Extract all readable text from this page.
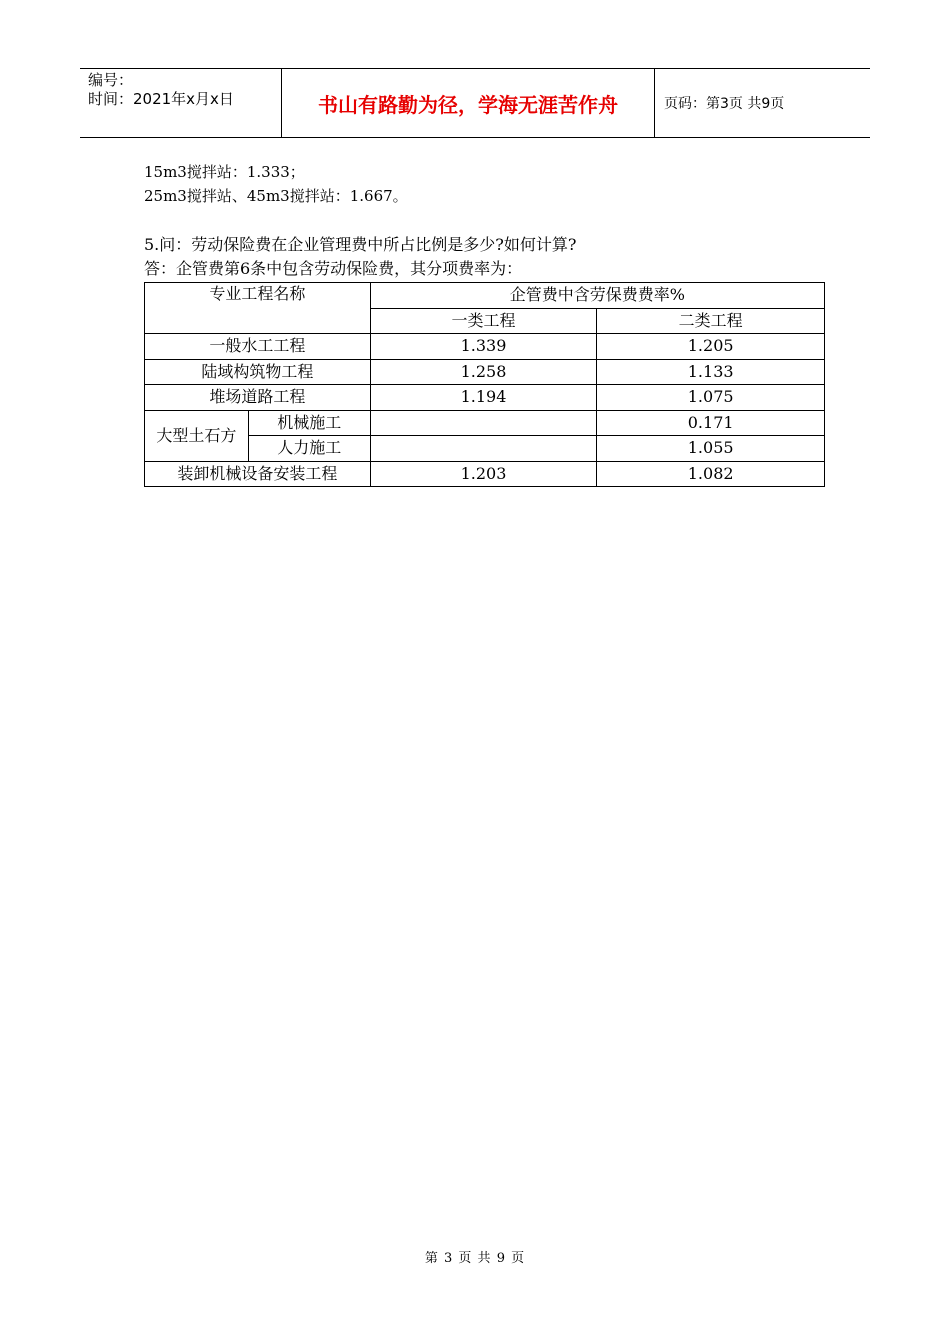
编号：
时间：2021年x月x日	书山有路勤为径，学海无涯苦作舟	页码：第3页 共9页
15m3搅拌站：1.333；
25m3搅拌站、45m3搅拌站：1.667。
5.问：劳动保险费在企业管理费中所占比例是多少?如何计算?
答：企管费第6条中包含劳动保险费，其分项费率为：
专业工程名称		企管费中含劳保费费率%	
		一类工程	二类工程
一般水工工程		1.339	1.205
陆域构筑物工程		1.258	1.133
堆场道路工程		1.194	1.075
大型土石方	机械施工		0.171
	人力施工		1.055
装卸机械设备安装工程		1.203	1.082
第 3 页 共 9 页
